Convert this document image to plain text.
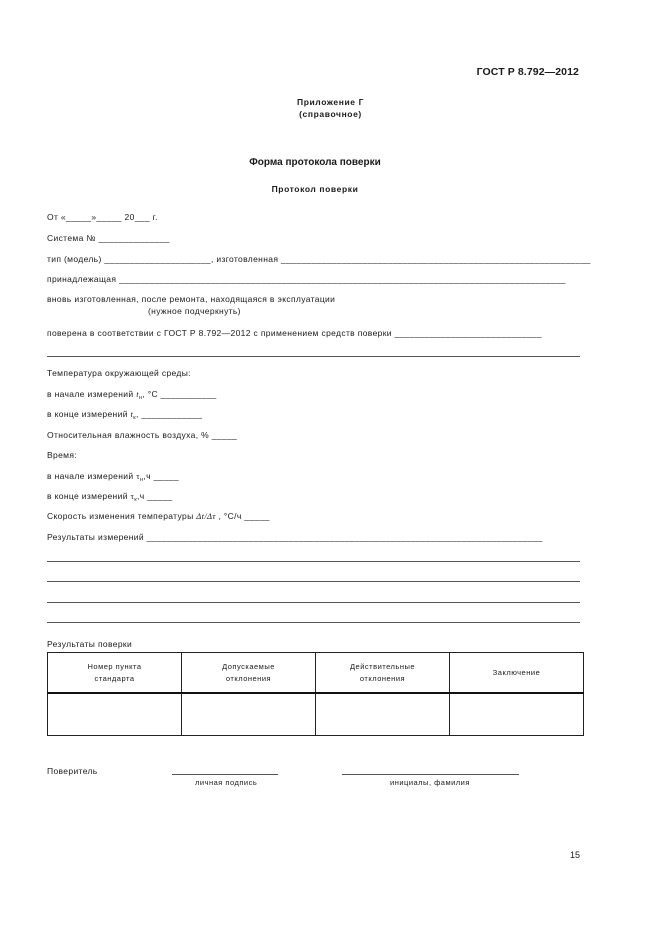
ГОСТ Р 8.792—2012
Приложение Г
(справочное)
Форма протокола поверки
Протокол поверки
От «_____»_____ 20___ г.
Система № ______________
тип (модель) _____________________, изготовленная _____________________________________________________________
принадлежащая ________________________________________________________________________________________
вновь изготовленная, после ремонта, находящаяся в эксплуатации
(нужное подчеркнуть)
поверена в соответствии с ГОСТ Р 8.792—2012 с применением средств поверки _____________________________
Температура окружающей среды:
в начале измерений $t_н$, °С ___________
в конце измерений $t_к$, ____________
Относительная влажность воздуха, % _____
Время:
в начале измерений $\tau_н,ч$ _____
в конце измерений $\tau_к,ч$ _____
Скорость изменения температуры Δt/Δτ , °С/ч _____
Результаты измерений ______________________________________________________________________________
Результаты поверки
Номер пункта стандарта	Допускаемые отклонения	Действительные отклонения	Заключение

Поверитель
личная подпись	инициалы, фамилия
15
